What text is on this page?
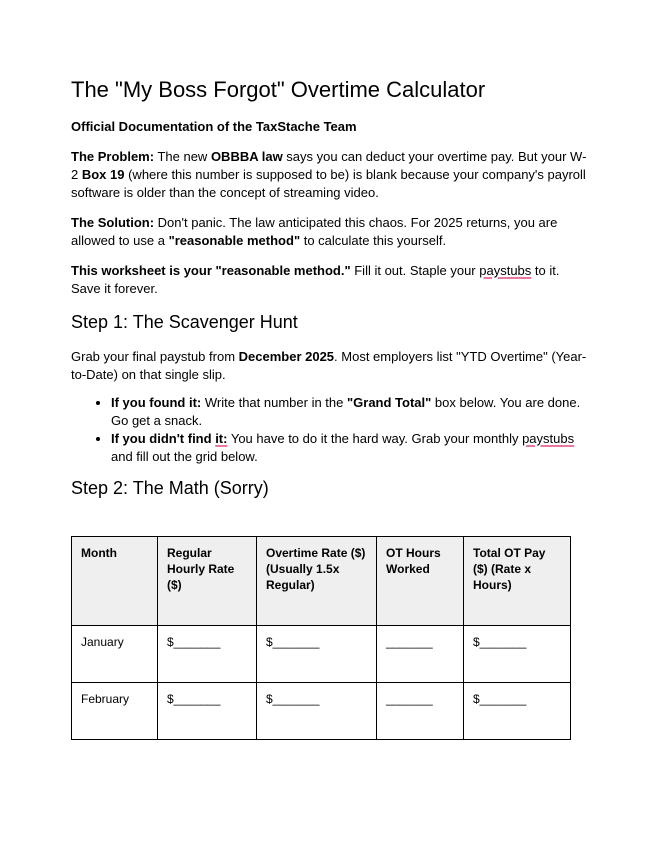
The "My Boss Forgot" Overtime Calculator

Official Documentation of the TaxStache Team

The Problem: The new OBBBA law says you can deduct your overtime pay. But your W-2 Box 19 (where this number is supposed to be) is blank because your company's payroll software is older than the concept of streaming video.

The Solution: Don't panic. The law anticipated this chaos. For 2025 returns, you are allowed to use a "reasonable method" to calculate this yourself.

This worksheet is your "reasonable method." Fill it out. Staple your paystubs to it. Save it forever.

Step 1: The Scavenger Hunt

Grab your final paystub from December 2025. Most employers list "YTD Overtime" (Year-to-Date) on that single slip.

• If you found it: Write that number in the "Grand Total" box below. You are done. Go get a snack.
• If you didn't find it: You have to do it the hard way. Grab your monthly paystubs and fill out the grid below.
Step 2: The Math (Sorry)
Month	Regular Hourly Rate ($)	Overtime Rate ($) (Usually 1.5x Regular)	OT Hours Worked	Total OT Pay ($) (Rate x Hours)
January	$_______	$_______	_______	$_______
February	$_______	$_______	_______	$_______
